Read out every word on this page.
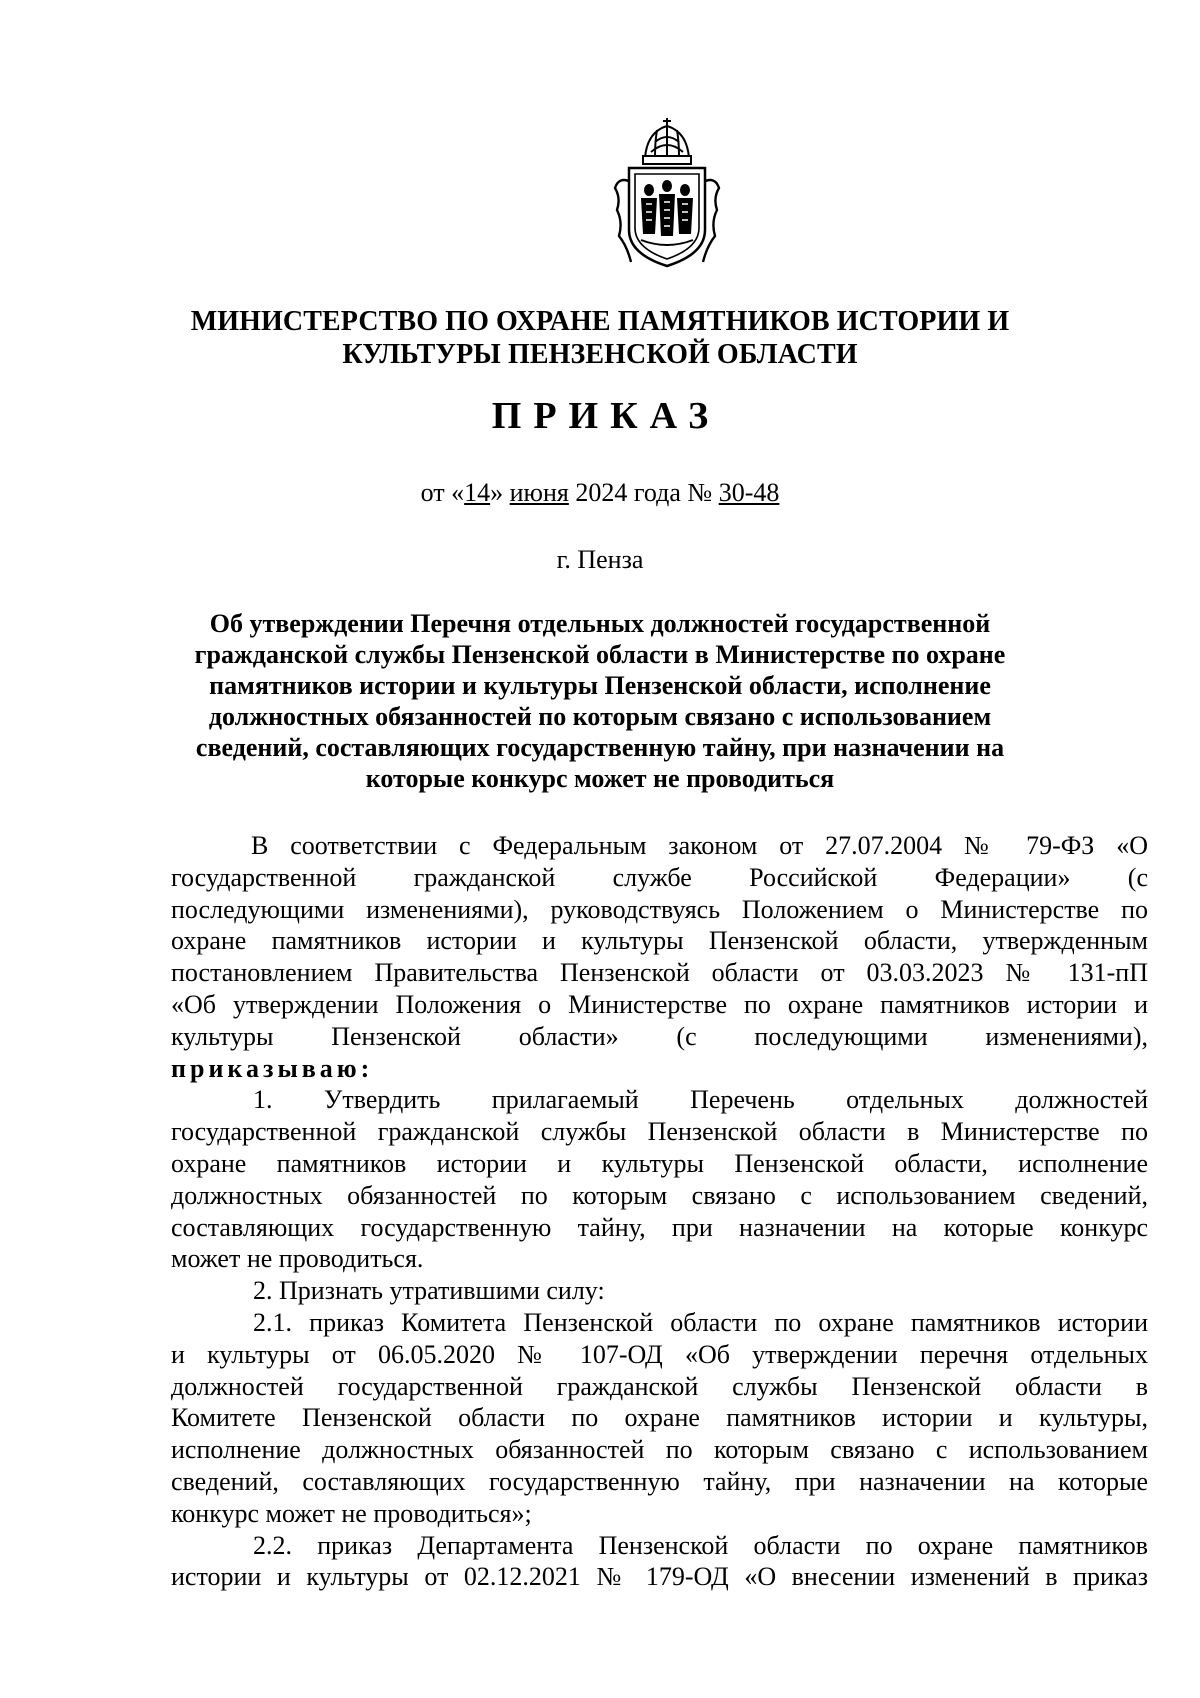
МИНИСТЕРСТВО ПО ОХРАНЕ ПАМЯТНИКОВ ИСТОРИИ И
КУЛЬТУРЫ ПЕНЗЕНСКОЙ ОБЛАСТИ
ПРИКАЗ
от «14» июня 2024 года № 30-48
г. Пенза
Об утверждении Перечня отдельных должностей государственной
гражданской службы Пензенской области в Министерстве по охране
памятников истории и культуры Пензенской области, исполнение
должностных обязанностей по которым связано с использованием
сведений, составляющих государственную тайну, при назначении на
которые конкурс может не проводиться
В соответствии с Федеральным законом от 27.07.2004 № 79-ФЗ «О
государственной гражданской службе Российской Федерации» (с
последующими изменениями), руководствуясь Положением о Министерстве по
охране памятников истории и культуры Пензенской области, утвержденным
постановлением Правительства Пензенской области от 03.03.2023 № 131-пП
«Об утверждении Положения о Министерстве по охране памятников истории и
культуры Пензенской области» (с последующими изменениями),
приказываю:
1. Утвердить прилагаемый Перечень отдельных должностей
государственной гражданской службы Пензенской области в Министерстве по
охране памятников истории и культуры Пензенской области, исполнение
должностных обязанностей по которым связано с использованием сведений,
составляющих государственную тайну, при назначении на которые конкурс
может не проводиться.
2. Признать утратившими силу:
2.1. приказ Комитета Пензенской области по охране памятников истории
и культуры от 06.05.2020 № 107-ОД «Об утверждении перечня отдельных
должностей государственной гражданской службы Пензенской области в
Комитете Пензенской области по охране памятников истории и культуры,
исполнение должностных обязанностей по которым связано с использованием
сведений, составляющих государственную тайну, при назначении на которые
конкурс может не проводиться»;
2.2. приказ Департамента Пензенской области по охране памятников
истории и культуры от 02.12.2021 № 179-ОД «О внесении изменений в приказ
